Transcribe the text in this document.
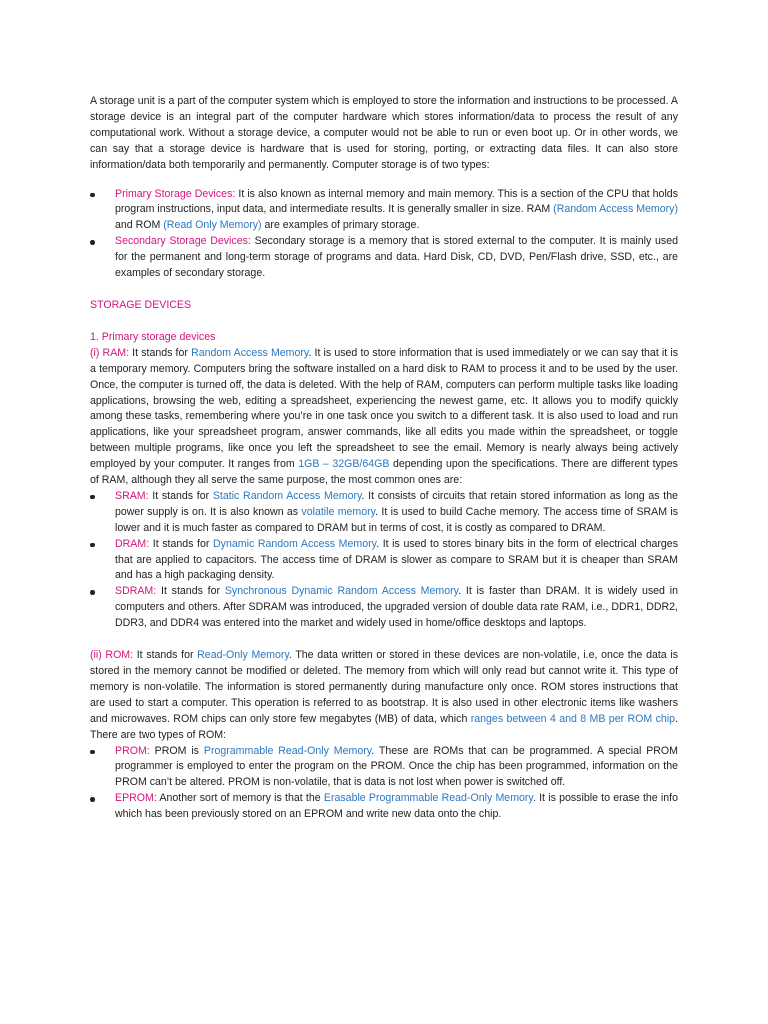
A storage unit is a part of the computer system which is employed to store the information and instructions to be processed. A storage device is an integral part of the computer hardware which stores information/data to process the result of any computational work. Without a storage device, a computer would not be able to run or even boot up. Or in other words, we can say that a storage device is hardware that is used for storing, porting, or extracting data files. It can also store information/data both temporarily and permanently. Computer storage is of two types:

Primary Storage Devices: It is also known as internal memory and main memory. This is a section of the CPU that holds program instructions, input data, and intermediate results. It is generally smaller in size. RAM (Random Access Memory) and ROM (Read Only Memory) are examples of primary storage.
Secondary Storage Devices: Secondary storage is a memory that is stored external to the computer. It is mainly used for the permanent and long-term storage of programs and data. Hard Disk, CD, DVD, Pen/Flash drive, SSD, etc., are examples of secondary storage.

STORAGE DEVICES

1. Primary storage devices

(i) RAM: It stands for Random Access Memory. It is used to store information that is used immediately or we can say that it is a temporary memory. Computers bring the software installed on a hard disk to RAM to process it and to be used by the user. Once, the computer is turned off, the data is deleted. With the help of RAM, computers can perform multiple tasks like loading applications, browsing the web, editing a spreadsheet, experiencing the newest game, etc. It allows you to modify quickly among these tasks, remembering where you’re in one task once you switch to a different task. It is also used to load and run applications, like your spreadsheet program, answer commands, like all edits you made within the spreadsheet, or toggle between multiple programs, like once you left the spreadsheet to see the email. Memory is nearly always being actively employed by your computer. It ranges from 1GB – 32GB/64GB depending upon the specifications. There are different types of RAM, although they all serve the same purpose, the most common ones are:

SRAM: It stands for Static Random Access Memory. It consists of circuits that retain stored information as long as the power supply is on. It is also known as volatile memory. It is used to build Cache memory. The access time of SRAM is lower and it is much faster as compared to DRAM but in terms of cost, it is costly as compared to DRAM.
DRAM: It stands for Dynamic Random Access Memory. It is used to stores binary bits in the form of electrical charges that are applied to capacitors. The access time of DRAM is slower as compare to SRAM but it is cheaper than SRAM and has a high packaging density.
SDRAM: It stands for Synchronous Dynamic Random Access Memory. It is faster than DRAM. It is widely used in computers and others. After SDRAM was introduced, the upgraded version of double data rate RAM, i.e., DDR1, DDR2, DDR3, and DDR4 was entered into the market and widely used in home/office desktops and laptops.

(ii) ROM: It stands for Read-Only Memory. The data written or stored in these devices are non-volatile, i.e, once the data is stored in the memory cannot be modified or deleted. The memory from which will only read but cannot write it. This type of memory is non-volatile. The information is stored permanently during manufacture only once. ROM stores instructions that are used to start a computer. This operation is referred to as bootstrap. It is also used in other electronic items like washers and microwaves. ROM chips can only store few megabytes (MB) of data, which ranges between 4 and 8 MB per ROM chip. There are two types of ROM:

PROM: PROM is Programmable Read-Only Memory. These are ROMs that can be programmed. A special PROM programmer is employed to enter the program on the PROM. Once the chip has been programmed, information on the PROM can’t be altered. PROM is non-volatile, that is data is not lost when power is switched off.
EPROM: Another sort of memory is that the Erasable Programmable Read-Only Memory. It is possible to erase the info which has been previously stored on an EPROM and write new data onto the chip.
